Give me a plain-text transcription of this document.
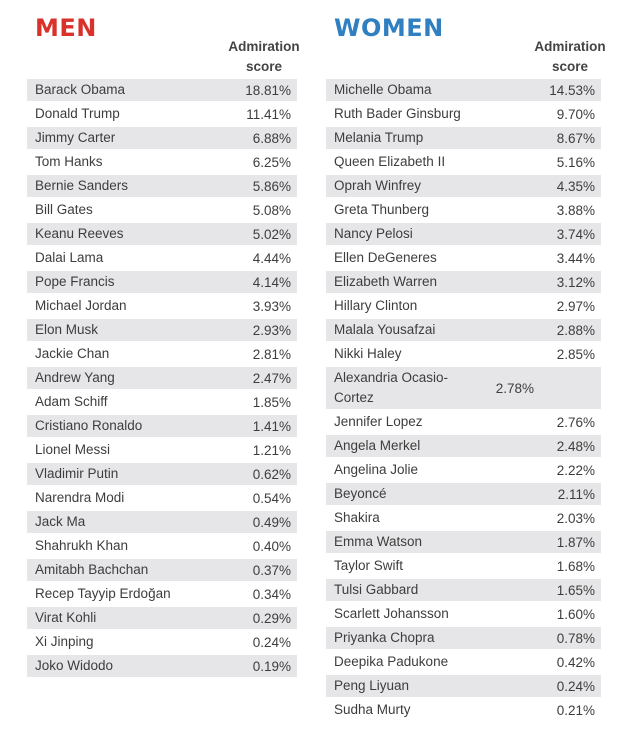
MEN
Admiration score
Barack Obama	18.81%
Donald Trump	11.41%
Jimmy Carter	6.88%
Tom Hanks	6.25%
Bernie Sanders	5.86%
Bill Gates	5.08%
Keanu Reeves	5.02%
Dalai Lama	4.44%
Pope Francis	4.14%
Michael Jordan	3.93%
Elon Musk	2.93%
Jackie Chan	2.81%
Andrew Yang	2.47%
Adam Schiff	1.85%
Cristiano Ronaldo	1.41%
Lionel Messi	1.21%
Vladimir Putin	0.62%
Narendra Modi	0.54%
Jack Ma	0.49%
Shahrukh Khan	0.40%
Amitabh Bachchan	0.37%
Recep Tayyip Erdoğan	0.34%
Virat Kohli	0.29%
Xi Jinping	0.24%
Joko Widodo	0.19%
WOMEN
Admiration score
Michelle Obama	14.53%
Ruth Bader Ginsburg	9.70%
Melania Trump	8.67%
Queen Elizabeth II	5.16%
Oprah Winfrey	4.35%
Greta Thunberg	3.88%
Nancy Pelosi	3.74%
Ellen DeGeneres	3.44%
Elizabeth Warren	3.12%
Hillary Clinton	2.97%
Malala Yousafzai	2.88%
Nikki Haley	2.85%
Alexandria Ocasio-Cortez
2.78%
Jennifer Lopez	2.76%
Angela Merkel	2.48%
Angelina Jolie	2.22%
Beyoncé	2.11%
Shakira	2.03%
Emma Watson	1.87%
Taylor Swift	1.68%
Tulsi Gabbard	1.65%
Scarlett Johansson	1.60%
Priyanka Chopra	0.78%
Deepika Padukone	0.42%
Peng Liyuan	0.24%
Sudha Murty	0.21%
